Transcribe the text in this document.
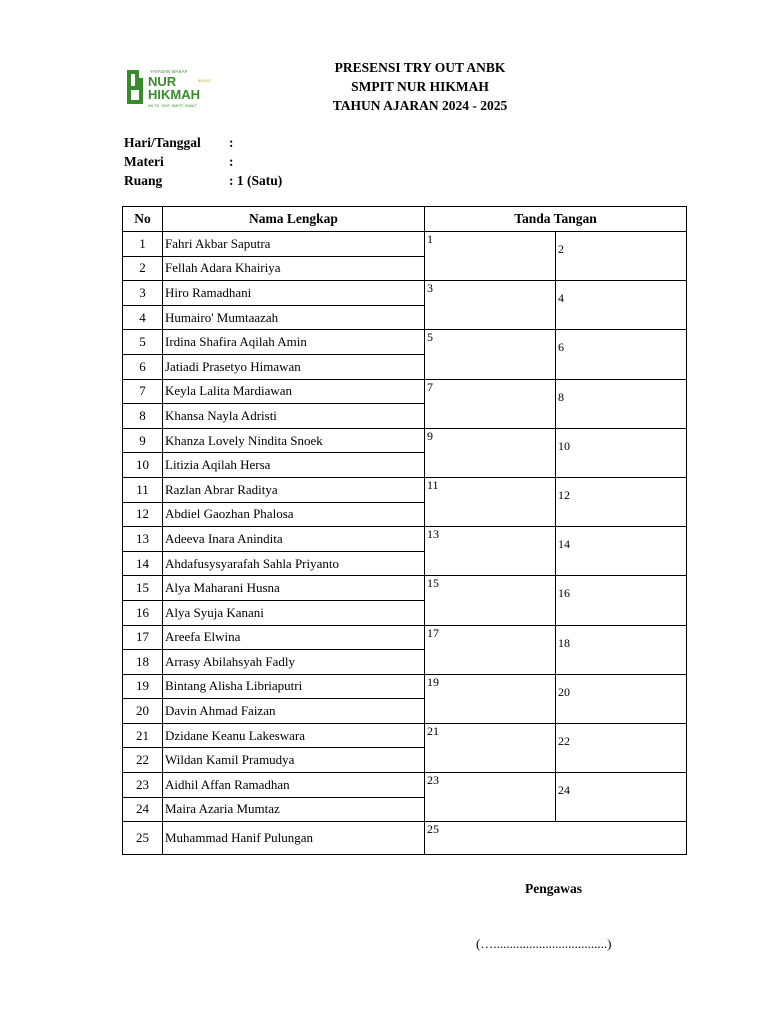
YAYASAN WAKAF
NUR
HIKMAH
BEKASI
KB-TK, SDIT, SMPIT, SMAIT
PRESENSI TRY OUT ANBK
SMPIT NUR HIKMAH
TAHUN AJARAN 2024 - 2025
Hari/Tanggal :
Materi	:
Ruang	: 1 (Satu)
No	Nama Lengkap	Tanda Tangan	
1	Fahri Akbar Saputra	1	2

2	Fellah Adara Khairiya		
3	Hiro Ramadhani	3	4

4	Humairo' Mumtaazah		
5	Irdina Shafira Aqilah Amin	5	6

6	Jatiadi Prasetyo Himawan		
7	Keyla Lalita Mardiawan	7	8

8	Khansa Nayla Adristi		
9	Khanza Lovely Nindita Snoek	9	10

10	Litizia Aqilah Hersa		
11	Razlan Abrar Raditya	11	12

12	Abdiel Gaozhan Phalosa		
13	Adeeva Inara Anindita	13	14

14	Ahdafusysyarafah Sahla Priyanto		
15	Alya Maharani Husna	15	16

16	Alya Syuja Kanani		
17	Areefa Elwina	17	18

18	Arrasy Abilahsyah Fadly		
19	Bintang Alisha Libriaputri	19	20

20	Davin Ahmad Faizan		
21	Dzidane Keanu Lakeswara	21	22

22	Wildan Kamil Pramudya		
23	Aidhil Affan Ramadhan	23	24

24	Maira Azaria Mumtaz		
25	Muhammad Hanif Pulungan	25	
Pengawas
(…...................................)
